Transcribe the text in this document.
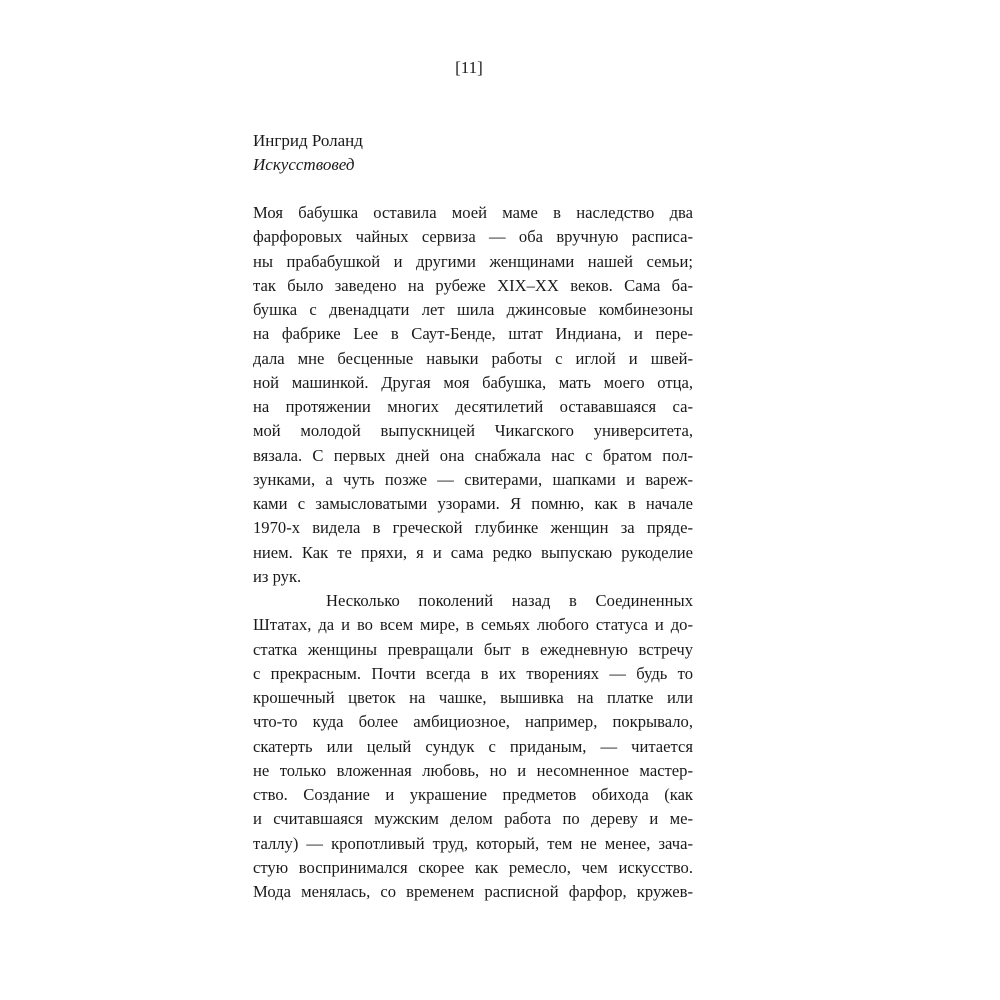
[11]

Ингрид Роланд

Искусствовед

Моя бабушка оставила моей маме в наследство два
фарфоровых чайных сервиза — оба вручную расписа-
ны прабабушкой и другими женщинами нашей семьи;
так было заведено на рубеже XIX–XX веков. Сама ба-
бушка с двенадцати лет шила джинсовые комбинезоны
на фабрике Lee в Саут-Бенде, штат Индиана, и пере-
дала мне бесценные навыки работы с иглой и швей-
ной машинкой. Другая моя бабушка, мать моего отца,
на протяжении многих десятилетий остававшаяся са-
мой молодой выпускницей Чикагского университета,
вязала. С первых дней она снабжала нас с братом пол-
зунками, а чуть позже — свитерами, шапками и вареж-
ками с замысловатыми узорами. Я помню, как в начале
1970-х видела в греческой глубинке женщин за пряде-
нием. Как те пряхи, я и сама редко выпускаю рукоделие
из рук.
Несколько поколений назад в Соединенных
Штатах, да и во всем мире, в семьях любого статуса и до-
статка женщины превращали быт в ежедневную встречу
с прекрасным. Почти всегда в их творениях — будь то
крошечный цветок на чашке, вышивка на платке или
что-то куда более амбициозное, например, покрывало,
скатерть или целый сундук с приданым, — читается
не только вложенная любовь, но и несомненное мастер-
ство. Создание и украшение предметов обихода (как
и считавшаяся мужским делом работа по дереву и ме-
таллу) — кропотливый труд, который, тем не менее, зача-
стую воспринимался скорее как ремесло, чем искусство.
Мода менялась, со временем расписной фарфор, кружев-
